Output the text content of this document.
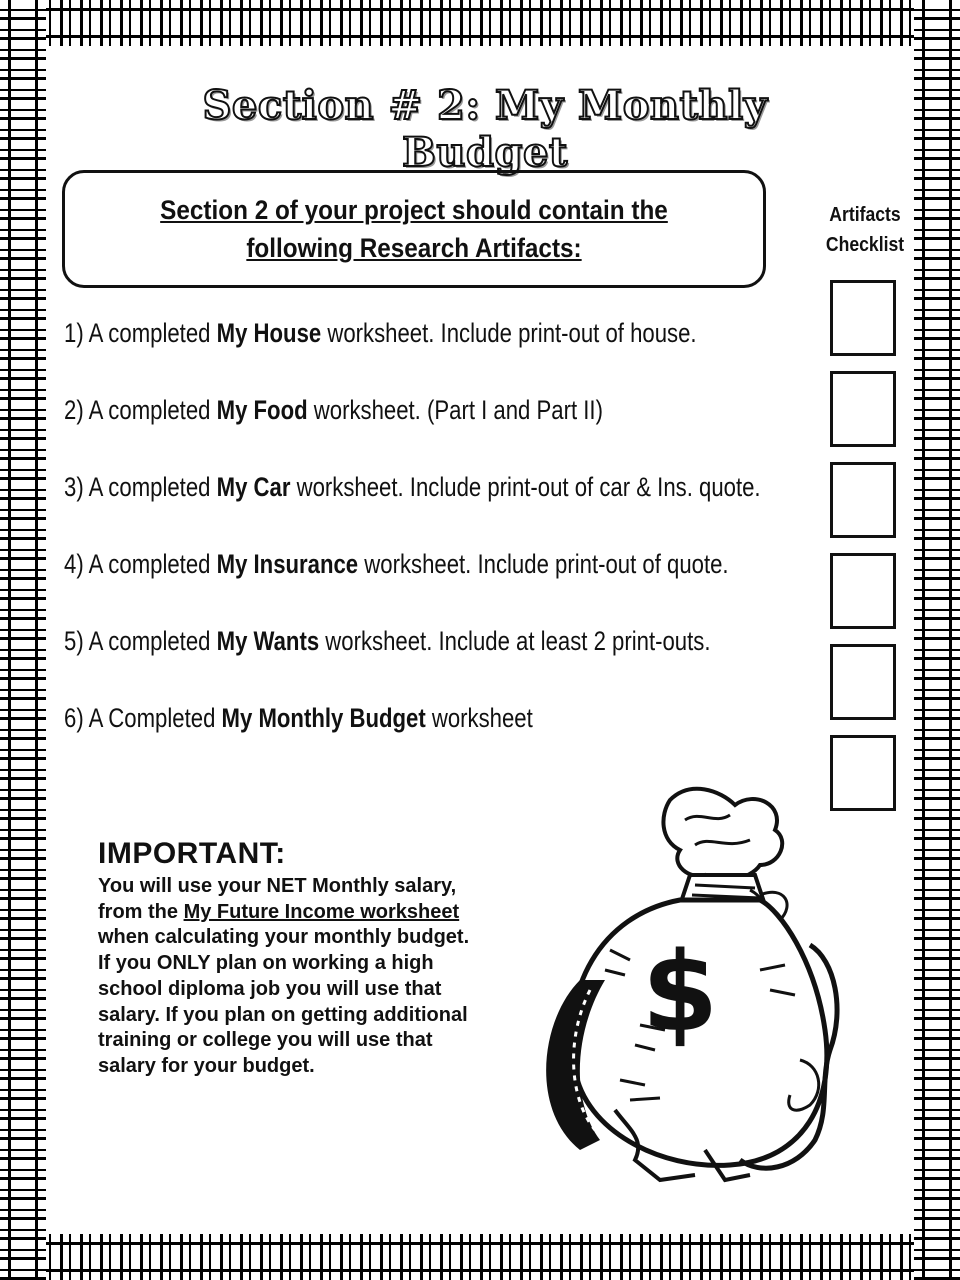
Section # 2: My Monthly Budget
Section 2 of your project should contain the following Research Artifacts:
Artifacts
Checklist
1) A completed My House worksheet. Include print-out of house.
2) A completed My Food worksheet. (Part I and Part II)
3) A completed My Car worksheet. Include print-out of car & Ins. quote.
4) A completed My Insurance worksheet. Include print-out of quote.
5) A completed My Wants worksheet. Include at least 2 print-outs.
6) A Completed My Monthly Budget worksheet
IMPORTANT:
You will use your NET Monthly salary, from the My Future Income worksheet when calculating your monthly budget. If you ONLY plan on working a high school diploma job you will use that salary. If you plan on getting additional training or college you will use that salary for your budget.
$
